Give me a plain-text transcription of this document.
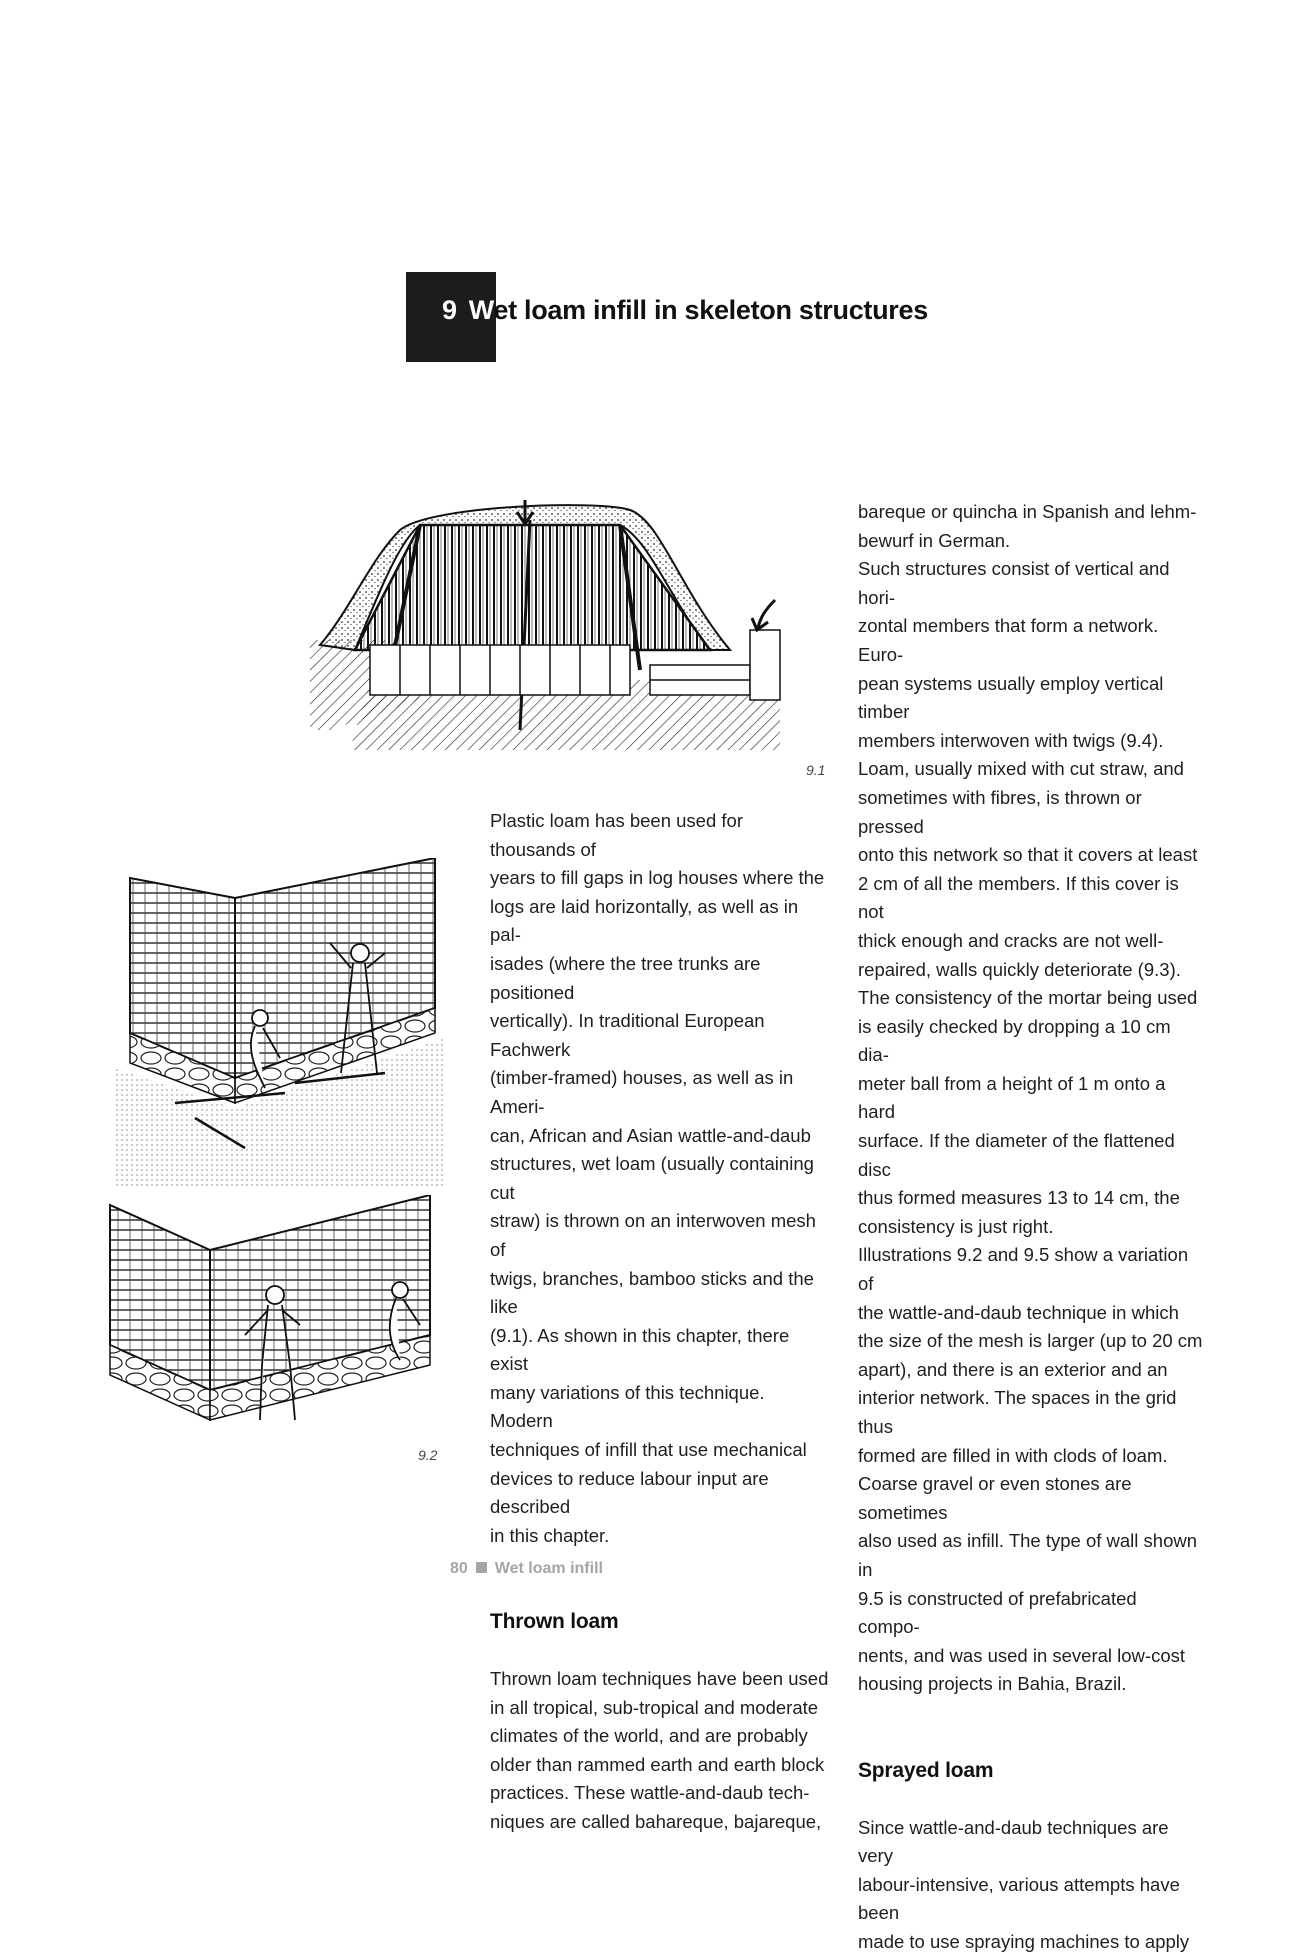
9 Wet loam infill in skeleton structures
9.1
9.2

Plastic loam has been used for thousands of
years to fill gaps in log houses where the
logs are laid horizontally, as well as in pal-
isades (where the tree trunks are positioned
vertically). In traditional European Fachwerk
(timber-framed) houses, as well as in Ameri-
can, African and Asian wattle-and-daub
structures, wet loam (usually containing cut
straw) is thrown on an interwoven mesh of
twigs, branches, bamboo sticks and the like
(9.1). As shown in this chapter, there exist
many variations of this technique. Modern
techniques of infill that use mechanical
devices to reduce labour input are described
in this chapter.

Thrown loam

Thrown loam techniques have been used
in all tropical, sub-tropical and moderate
climates of the world, and are probably
older than rammed earth and earth block
practices. These wattle-and-daub tech-
niques are called bahareque, bajareque,

bareque or quincha in Spanish and lehm-
bewurf in German.
Such structures consist of vertical and hori-
zontal members that form a network. Euro-
pean systems usually employ vertical timber
members interwoven with twigs (9.4).
Loam, usually mixed with cut straw, and
sometimes with fibres, is thrown or pressed
onto this network so that it covers at least
2 cm of all the members. If this cover is not
thick enough and cracks are not well-
repaired, walls quickly deteriorate (9.3).
The consistency of the mortar being used
is easily checked by dropping a 10 cm dia-
meter ball from a height of 1 m onto a hard
surface. If the diameter of the flattened disc
thus formed measures 13 to 14 cm, the
consistency is just right.
Illustrations 9.2 and 9.5 show a variation of
the wattle-and-daub technique in which
the size of the mesh is larger (up to 20 cm
apart), and there is an exterior and an
interior network. The spaces in the grid thus
formed are filled in with clods of loam.
Coarse gravel or even stones are sometimes
also used as infill. The type of wall shown in
9.5 is constructed of prefabricated compo-
nents, and was used in several low-cost
housing projects in Bahia, Brazil.

Sprayed loam

Since wattle-and-daub techniques are very
labour-intensive, various attempts have been
made to use spraying machines to apply

80 Wet loam infill
